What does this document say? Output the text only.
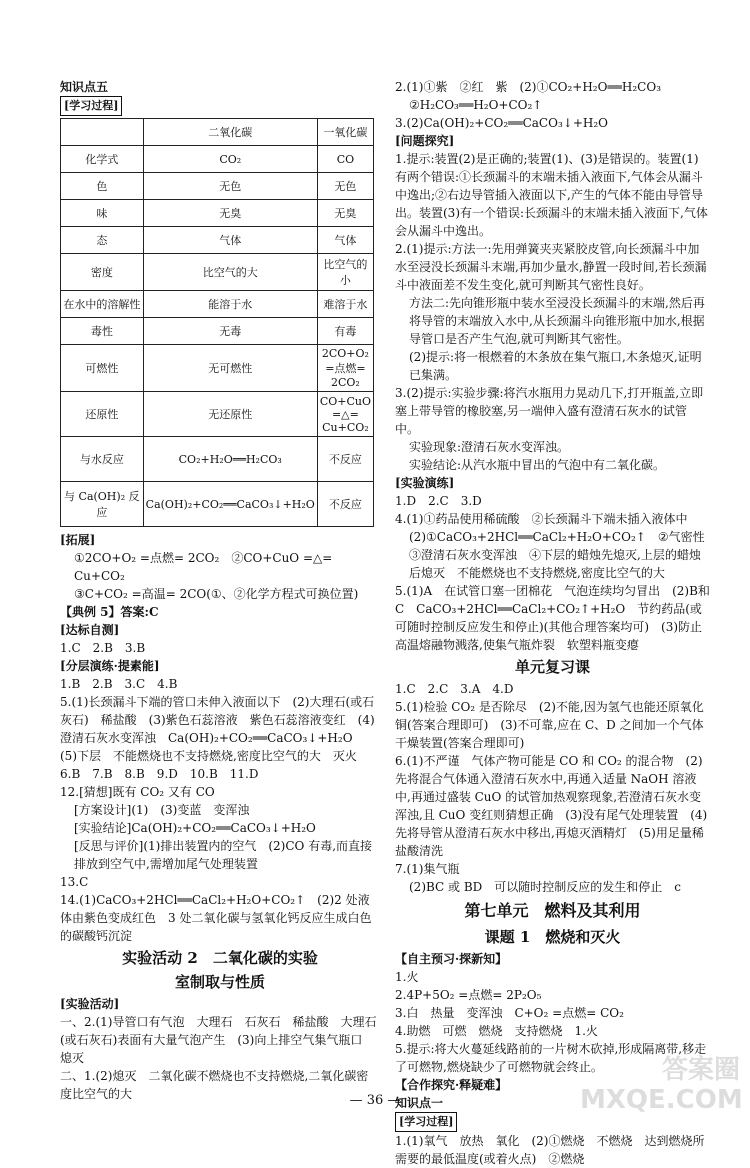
知识点五
[学习过程]
	二氧化碳	一氧化碳
化学式	CO₂	CO
色	无色	无色
味	无臭	无臭
态	气体	气体
密度	比空气的大	比空气的小
在水中的溶解性	能溶于水	难溶于水
毒性	无毒	有毒
可燃性	无可燃性	2CO+O₂ =点燃= 2CO₂
还原性	无还原性	CO+CuO =△= Cu+CO₂
与水反应	CO₂+H₂O══H₂CO₃	不反应
与 Ca(OH)₂ 反应	Ca(OH)₂+CO₂══CaCO₃↓+H₂O	不反应
[拓展]
①2CO+O₂ =点燃= 2CO₂　②CO+CuO =△= Cu+CO₂
③C+CO₂ =高温= 2CO(①、②化学方程式可换位置)
【典例 5】答案:C
[达标自测]
1.C　2.B　3.B
[分层演练·提素能]
1.B　2.B　3.C　4.B
5.(1)长颈漏斗下端的管口未伸入液面以下　(2)大理石(或石灰石)　稀盐酸　(3)紫色石蕊溶液　紫色石蕊溶液变红　(4)澄清石灰水变浑浊　Ca(OH)₂+CO₂══CaCO₃↓+H₂O　(5)下层　不能燃烧也不支持燃烧,密度比空气的大　灭火
6.B　7.B　8.B　9.D　10.B　11.D
12.[猜想]既有 CO₂ 又有 CO
[方案设计](1)　(3)变蓝　变浑浊
[实验结论]Ca(OH)₂+CO₂══CaCO₃↓+H₂O
[反思与评价](1)排出装置内的空气　(2)CO 有毒,而直接排放到空气中,需增加尾气处理装置
13.C
14.(1)CaCO₃+2HCl══CaCl₂+H₂O+CO₂↑　(2)2 处液体由紫色变成红色　3 处二氧化碳与氢氧化钙反应生成白色的碳酸钙沉淀
实验活动 2　二氧化碳的实验
室制取与性质
[实验活动]
一、2.(1)导管口有气泡　大理石　石灰石　稀盐酸　大理石(或石灰石)表面有大量气泡产生　(3)向上排空气集气瓶口　熄灭
二、1.(2)熄灭　二氧化碳不燃烧也不支持燃烧,二氧化碳密度比空气的大
2.(1)①紫　②红　紫　(2)①CO₂+H₂O══H₂CO₃
②H₂CO₃══H₂O+CO₂↑
3.(2)Ca(OH)₂+CO₂══CaCO₃↓+H₂O
[问题探究]
1.提示:装置(2)是正确的;装置(1)、(3)是错误的。装置(1)有两个错误:①长颈漏斗的末端未插入液面下,气体会从漏斗中逸出;②右边导管插入液面以下,产生的气体不能由导管导出。装置(3)有一个错误:长颈漏斗的末端未插入液面下,气体会从漏斗中逸出。
2.(1)提示:方法一:先用弹簧夹夹紧胶皮管,向长颈漏斗中加水至浸没长颈漏斗末端,再加少量水,静置一段时间,若长颈漏斗中液面差不发生变化,就可判断其气密性良好。
方法二:先向锥形瓶中装水至浸没长颈漏斗的末端,然后再将导管的末端放入水中,从长颈漏斗向锥形瓶中加水,根据导管口是否产生气泡,就可判断其气密性。
(2)提示:将一根燃着的木条放在集气瓶口,木条熄灭,证明已集满。
3.(2)提示:实验步骤:将汽水瓶用力晃动几下,打开瓶盖,立即塞上带导管的橡胶塞,另一端伸入盛有澄清石灰水的试管中。
实验现象:澄清石灰水变浑浊。
实验结论:从汽水瓶中冒出的气泡中有二氧化碳。
[实验演练]
1.D　2.C　3.D
4.(1)①药品使用稀硫酸　②长颈漏斗下端未插入液体中
(2)①CaCO₃+2HCl══CaCl₂+H₂O+CO₂↑　②气密性
③澄清石灰水变浑浊　④下层的蜡烛先熄灭,上层的蜡烛后熄灭　不能燃烧也不支持燃烧,密度比空气的大
5.(1)A　在试管口塞一团棉花　气泡连续均匀冒出　(2)B和 C　CaCO₃+2HCl══CaCl₂+CO₂↑+H₂O　节约药品(或可随时控制反应发生和停止)(其他合理答案均可)　(3)防止高温熔融物溅落,使集气瓶炸裂　软塑料瓶变瘪
单元复习课
1.C　2.C　3.A　4.D
5.(1)检验 CO₂ 是否除尽　(2)不能,因为氢气也能还原氧化铜(答案合理即可)　(3)不可靠,应在 C、D 之间加一个气体干燥装置(答案合理即可)
6.(1)不严谨　气体产物可能是 CO 和 CO₂ 的混合物　(2)先将混合气体通入澄清石灰水中,再通入适量 NaOH 溶液中,再通过盛装 CuO 的试管加热观察现象,若澄清石灰水变浑浊,且 CuO 变红则猜想正确　(3)没有尾气处理装置　(4)先将导管从澄清石灰水中移出,再熄灭酒精灯　(5)用足量稀盐酸清洗
7.(1)集气瓶
(2)BC 或 BD　可以随时控制反应的发生和停止　c
第七单元　燃料及其利用
课题 1　燃烧和灭火
【自主预习·探新知】
1.火
2.4P+5O₂ =点燃= 2P₂O₅
3.白　热量　变浑浊　C+O₂ =点燃= CO₂
4.助燃　可燃　燃烧　支持燃烧　1.火
5.提示:将大火蔓延线路前的一片树木砍掉,形成隔离带,移走了可燃物,燃烧缺少了可燃物就会终止。
【合作探究·释疑难】
知识点一
[学习过程]
1.(1)氧气　放热　氧化　(2)①燃烧　不燃烧　达到燃烧所需要的最低温度(或着火点)　②燃烧
— 36 —
答案圈 MXQE.COM
